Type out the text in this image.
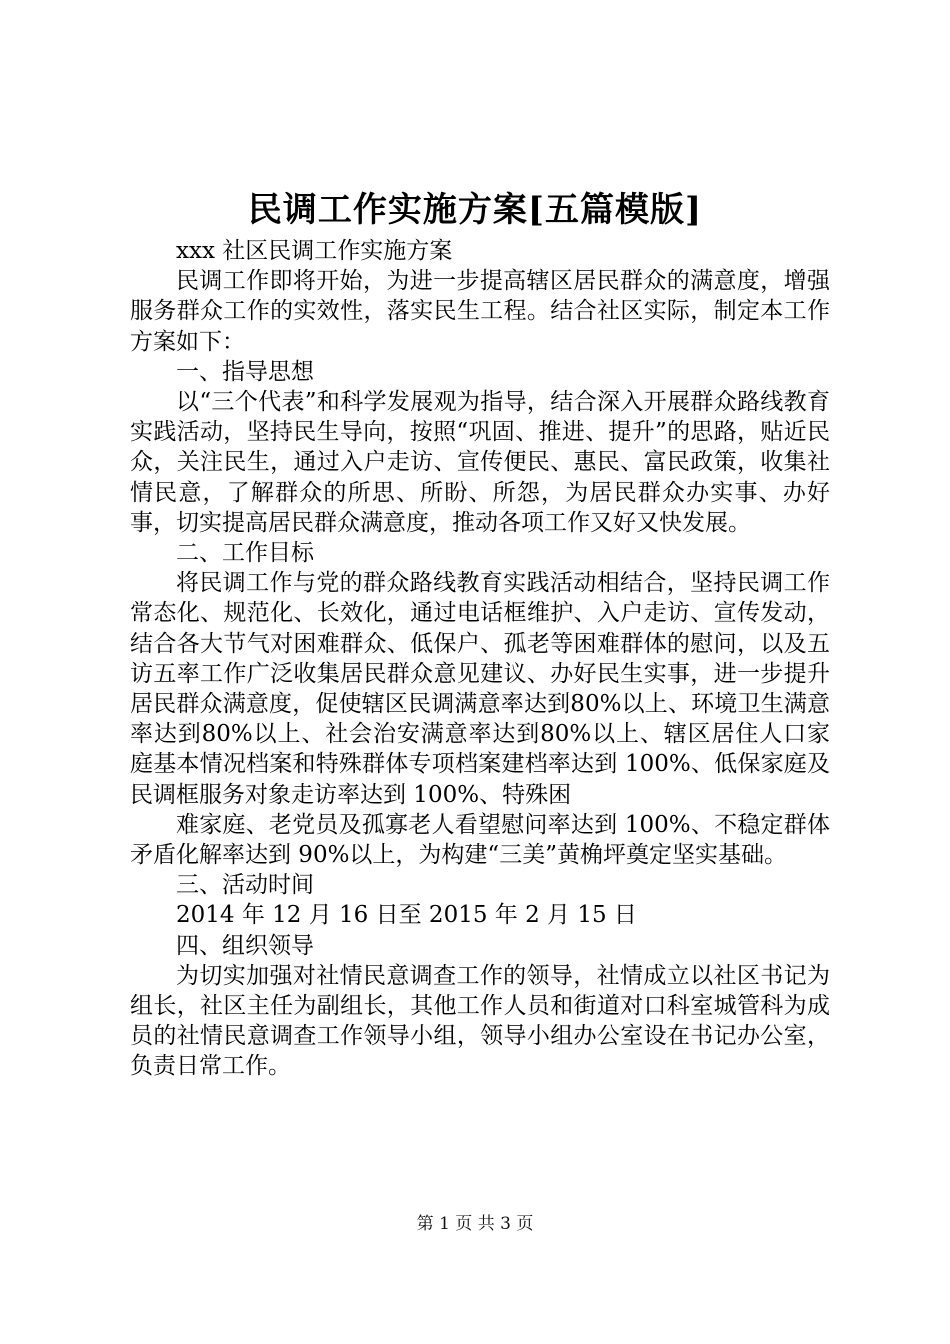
民调工作实施方案[五篇模版]

xxx 社区民调工作实施方案

民调工作即将开始，为进一步提高辖区居民群众的满意度，增强服务群众工作的实效性，落实民生工程。结合社区实际，制定本工作方案如下：

一、指导思想

以“三个代表”和科学发展观为指导，结合深入开展群众路线教育实践活动，坚持民生导向，按照“巩固、推进、提升”的思路，贴近民众，关注民生，通过入户走访、宣传便民、惠民、富民政策，收集社情民意，了解群众的所思、所盼、所怨，为居民群众办实事、办好事，切实提高居民群众满意度，推动各项工作又好又快发展。

二、工作目标

将民调工作与党的群众路线教育实践活动相结合，坚持民调工作常态化、规范化、长效化，通过电话框维护、入户走访、宣传发动，结合各大节气对困难群众、低保户、孤老等困难群体的慰问，以及五访五率工作广泛收集居民群众意见建议、办好民生实事，进一步提升居民群众满意度，促使辖区民调满意率达到80%以上、环境卫生满意率达到80%以上、社会治安满意率达到80%以上、辖区居住人口家庭基本情况档案和特殊群体专项档案建档率达到 100%、低保家庭及民调框服务对象走访率达到 100%、特殊困

难家庭、老党员及孤寡老人看望慰问率达到 100%、不稳定群体矛盾化解率达到 90%以上，为构建“三美”黄桷坪奠定坚实基础。

三、活动时间

2014 年 12 月 16 日至 2015 年 2 月 15 日

四、组织领导

为切实加强对社情民意调查工作的领导，社情成立以社区书记为组长，社区主任为副组长，其他工作人员和街道对口科室城管科为成员的社情民意调查工作领导小组，领导小组办公室设在书记办公室，负责日常工作。

第 1 页 共 3 页
